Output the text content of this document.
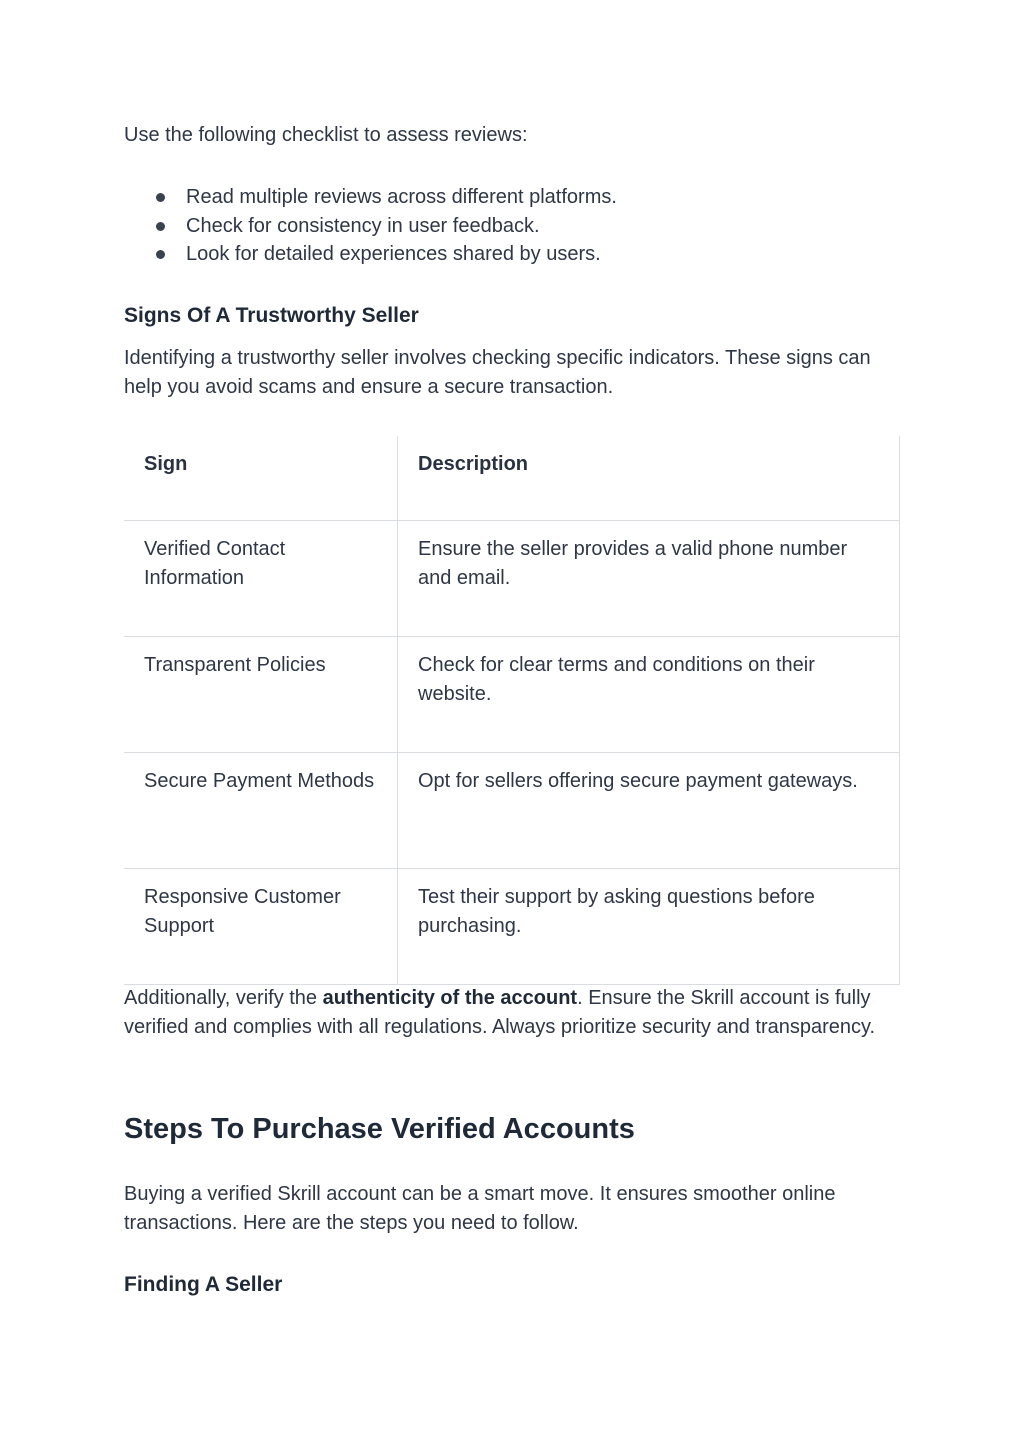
Use the following checklist to assess reviews:
Read multiple reviews across different platforms.
Check for consistency in user feedback.
Look for detailed experiences shared by users.
Signs Of A Trustworthy Seller
Identifying a trustworthy seller involves checking specific indicators. These signs can help you avoid scams and ensure a secure transaction.
Sign	Description
Verified Contact Information	Ensure the seller provides a valid phone number and email.
Transparent Policies	Check for clear terms and conditions on their website.
Secure Payment Methods	Opt for sellers offering secure payment gateways.
Responsive Customer Support	Test their support by asking questions before purchasing.
Additionally, verify the authenticity of the account. Ensure the Skrill account is fully verified and complies with all regulations. Always prioritize security and transparency.
Steps To Purchase Verified Accounts
Buying a verified Skrill account can be a smart move. It ensures smoother online transactions. Here are the steps you need to follow.
Finding A Seller
